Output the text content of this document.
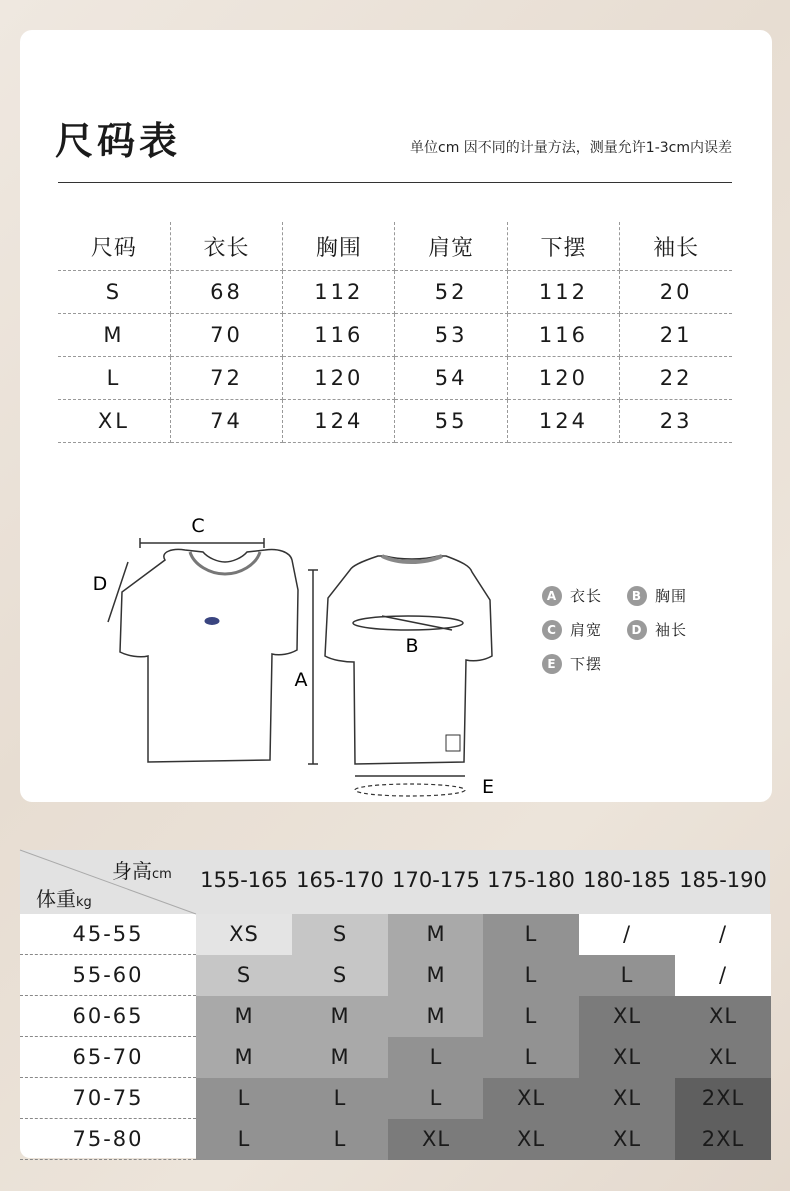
尺码表	单位cm 因不同的计量方法，测量允许1-3cm内误差
尺码	衣长	胸围	肩宽	下摆	袖长
S	68	112	52	112	20
M	70	116	53	116	21
L	72	120	54	120	22
XL	74	124	55	124	23
C
D
A
B
E
A 衣长	B 胸围
C 肩宽	D 袖长
E 下摆
身高cm
体重kg
155-165 165-170 170-175 175-180 180-185 185-190
45-55	XS	S	M	L	/	/
55-60	S	S	M	L	L	/
60-65	M	M	M	L	XL	XL
65-70	M	M	L	L	XL	XL
70-75	L	L	L	XL	XL	2XL
75-80	L	L	XL	XL	XL	2XL
